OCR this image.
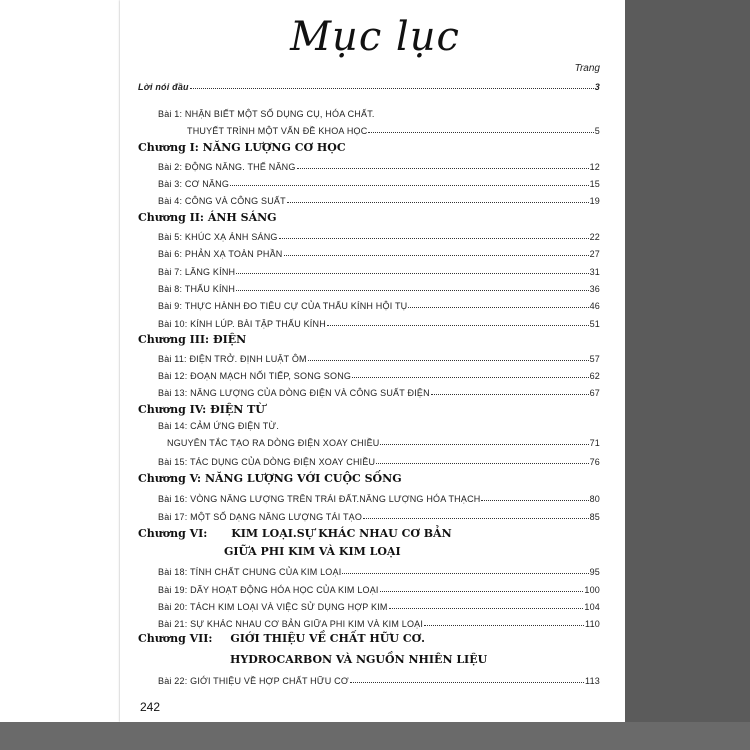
Mục lục
Trang
Lời nói đầu	3
Bài 1: NHẬN BIẾT MỘT SỐ DỤNG CỤ, HÓA CHẤT.
THUYẾT TRÌNH MỘT VẤN ĐỀ KHOA HỌC	5
Chương I: NĂNG LƯỢNG CƠ HỌC
Bài 2: ĐỘNG NĂNG. THẾ NĂNG	12
Bài 3: CƠ NĂNG	15
Bài 4: CÔNG VÀ CÔNG SUẤT	19
Chương II: ÁNH SÁNG
Bài 5: KHÚC XẠ ÁNH SÁNG	22
Bài 6: PHẢN XẠ TOÀN PHẦN	27
Bài 7: LĂNG KÍNH	31
Bài 8: THẤU KÍNH	36
Bài 9: THỰC HÀNH ĐO TIÊU CỰ CỦA THẤU KÍNH HỘI TỤ	46
Bài 10: KÍNH LÚP. BÀI TẬP THẤU KÍNH	51
Chương III: ĐIỆN
Bài 11: ĐIỆN TRỞ. ĐỊNH LUẬT ÔM	57
Bài 12: ĐOẠN MẠCH NỐI TIẾP, SONG SONG	62
Bài 13: NĂNG LƯỢNG CỦA DÒNG ĐIỆN VÀ CÔNG SUẤT ĐIỆN	67
Chương IV: ĐIỆN TỪ
Bài 14: CẢM ỨNG ĐIỆN TỪ.
NGUYÊN TẮC TẠO RA DÒNG ĐIỆN XOAY CHIỀU	71
Bài 15: TÁC DỤNG CỦA DÒNG ĐIỆN XOAY CHIỀU	76
Chương V: NĂNG LƯỢNG VỚI CUỘC SỐNG
Bài 16: VÒNG NĂNG LƯỢNG TRÊN TRÁI ĐẤT.NĂNG LƯỢNG HÓA THẠCH	80
Bài 17: MỘT SỐ DẠNG NĂNG LƯỢNG TÁI TẠO	85
Chương VI: KIM LOẠI.SỰ KHÁC NHAU CƠ BẢN
GIỮA PHI KIM VÀ KIM LOẠI
Bài 18: TÍNH CHẤT CHUNG CỦA KIM LOẠI	95
Bài 19: DÃY HOẠT ĐỘNG HÓA HỌC CỦA KIM LOẠI	100
Bài 20: TÁCH KIM LOẠI VÀ VIỆC SỬ DỤNG HỢP KIM	104
Bài 21: SỰ KHÁC NHAU CƠ BẢN GIỮA PHI KIM VÀ KIM LOẠI	110
Chương VII: GIỚI THIỆU VỀ CHẤT HỮU CƠ.
HYDROCARBON VÀ NGUỒN NHIÊN LIỆU
Bài 22: GIỚI THIỆU VỀ HỢP CHẤT HỮU CƠ	113
242
